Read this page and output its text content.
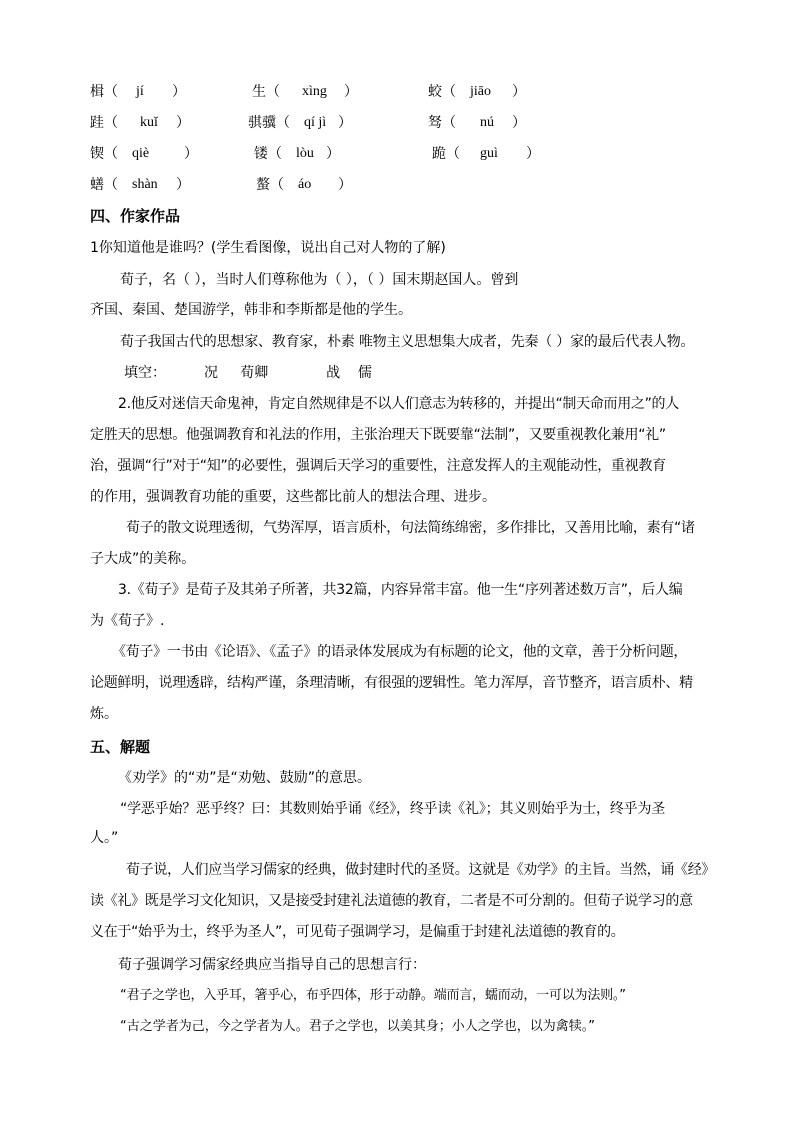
楫（ jí ）	生（ xìng ）	蛟（ jiāo ）
跬（ kuǐ ）	骐骥（ qí jì ）	驽（ nú ）
锲（ qiè ）	镂（ lòu ）	跪（ guì ）
蟮（ shàn ）	螯（ áo ）
四、作家作品
1你知道他是谁吗？(学生看图像，说出自己对人物的了解)
荀子，名（ ），当时人们尊称他为（ ），（ ）国末期赵国人。曾到
齐国、秦国、楚国游学，韩非和李斯都是他的学生。
荀子我国古代的思想家、教育家，朴素 唯物主义思想集大成者，先秦（ ）家的最后代表人物。
填空：	况     荀卿             战    儒
2.他反对迷信天命鬼神，肯定自然规律是不以人们意志为转移的，并提出“制天命而用之”的人
定胜天的思想。他强调教育和礼法的作用，主张治理天下既要靠“法制”，又要重视教化兼用“礼”
治，强调“行”对于“知”的必要性，强调后天学习的重要性，注意发挥人的主观能动性，重视教育
的作用，强调教育功能的重要，这些都比前人的想法合理、进步。
荀子的散文说理透彻，气势浑厚，语言质朴，句法简练绵密，多作排比，又善用比喻，素有“诸
子大成”的美称。
3.《荀子》是荀子及其弟子所著，共32篇，内容异常丰富。他一生“序列著述数万言”，后人编
为《荀子》.
《荀子》一书由《论语》、《孟子》的语录体发展成为有标题的论文，他的文章，善于分析问题，
论题鲜明，说理透辟，结构严谨，条理清晰，有很强的逻辑性。笔力浑厚，音节整齐，语言质朴、精
炼。
五、解题
《劝学》的“劝”是“劝勉、鼓励”的意思。
“学恶乎始？恶乎终？曰：其数则始乎诵《经》，终乎读《礼》；其义则始乎为士，终乎为圣
人。”
荀子说，人们应当学习儒家的经典，做封建时代的圣贤。这就是《劝学》的主旨。当然，诵《经》
读《礼》既是学习文化知识，又是接受封建礼法道德的教育，二者是不可分割的。但荀子说学习的意
义在于“始乎为士，终乎为圣人”，可见荀子强调学习，是偏重于封建礼法道德的教育的。
荀子强调学习儒家经典应当指导自己的思想言行：
“君子之学也，入乎耳，箸乎心，布乎四体，形于动静。端而言，蠕而动，一可以为法则。”
“古之学者为己，今之学者为人。君子之学也，以美其身；小人之学也，以为禽犊。”
